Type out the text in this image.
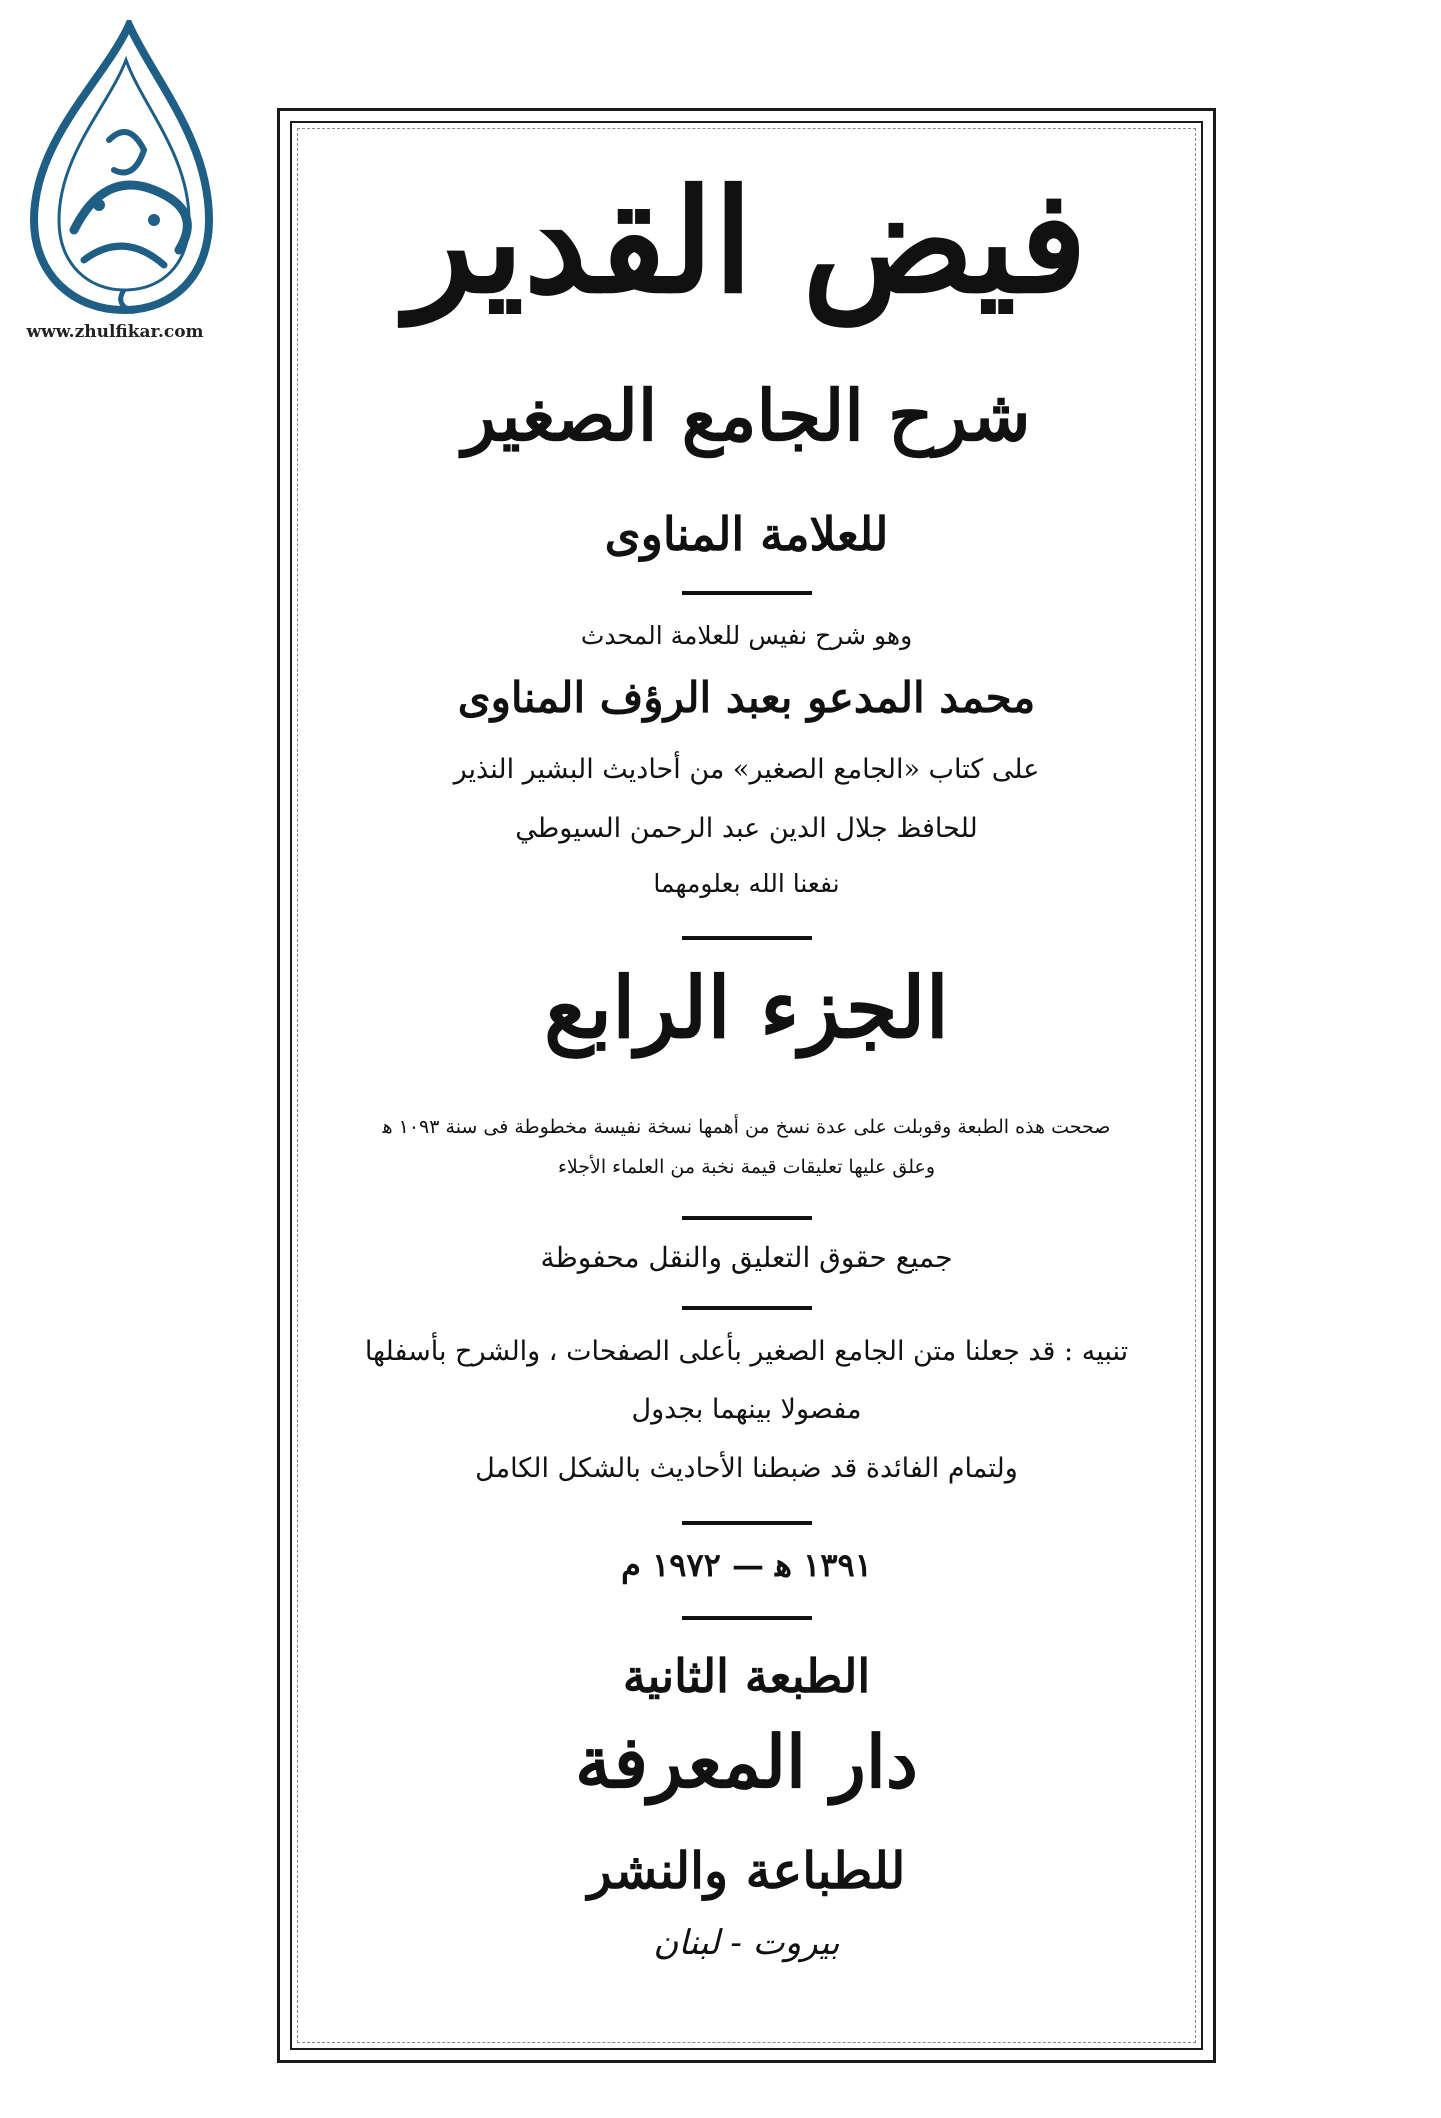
www.zhulfikar.com
فيض القدير
شرح الجامع الصغير
للعلامة المناوى
وهو شرح نفيس للعلامة المحدث
محمد المدعو بعبد الرؤف المناوى
على كتاب «الجامع الصغير» من أحاديث البشير النذير
للحافظ جلال الدين عبد الرحمن السيوطي
نفعنا الله بعلومهما
الجزء الرابع
صححت هذه الطبعة وقوبلت على عدة نسخ من أهمها نسخة نفيسة مخطوطة فى سنة ١٠٩٣ ﻫ
وعلق عليها تعليقات قيمة نخبة من العلماء الأجلاء
جميع حقوق التعليق والنقل محفوظة
تنبيه : قد جعلنا متن الجامع الصغير بأعلى الصفحات ، والشرح بأسفلها
مفصولا بينهما بجدول
ولتمام الفائدة قد ضبطنا الأحاديث بالشكل الكامل
١٣٩١ ﻫ — ١٩٧٢ م
الطبعة الثانية
دار المعرفة
للطباعة والنشر
بيروت - لبنان
